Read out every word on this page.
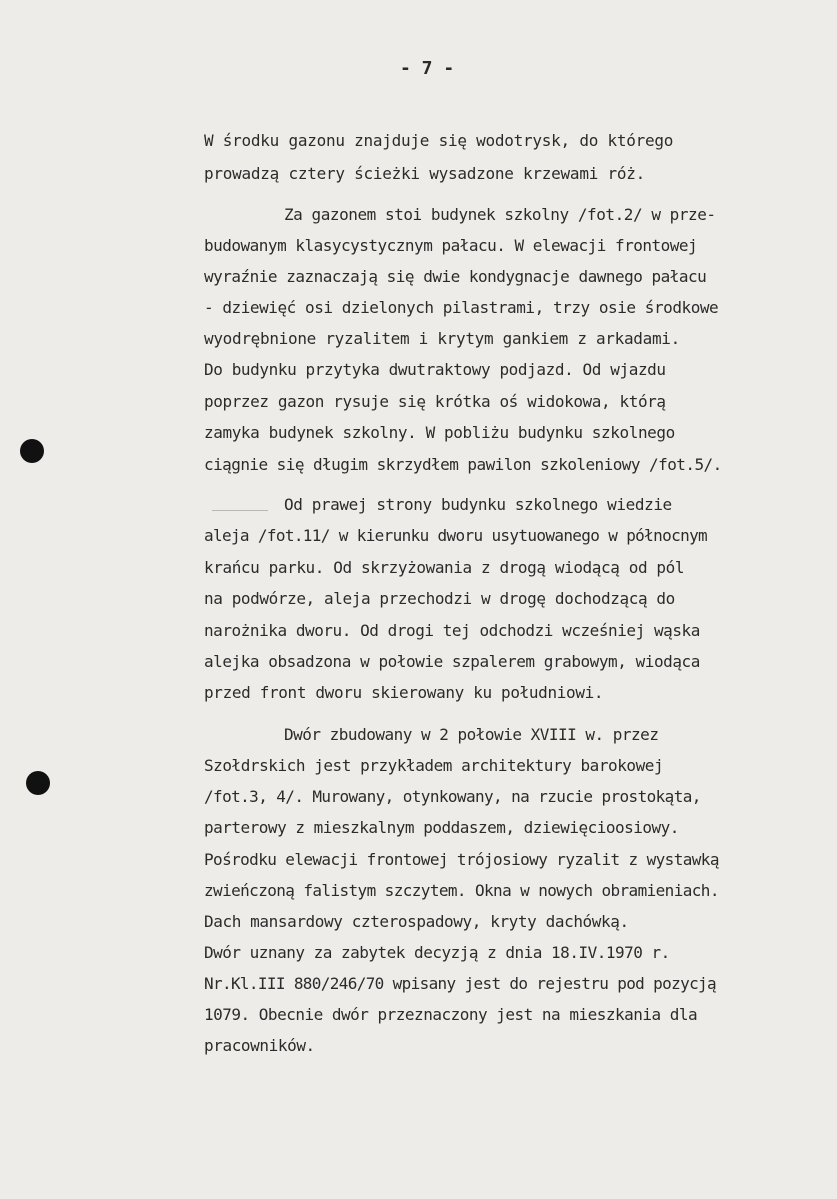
- 7 -
W środku gazonu znajduje się wodotrysk, do którego
prowadzą cztery ścieżki wysadzone krzewami róż.
Za gazonem stoi budynek szkolny /fot.2/ w prze-
budowanym klasycystycznym pałacu. W elewacji frontowej
wyraźnie zaznaczają się dwie kondygnacje dawnego pałacu
- dziewięć osi dzielonych pilastrami, trzy osie środkowe
wyodrębnione ryzalitem i krytym gankiem z arkadami.
Do budynku przytyka dwutraktowy podjazd. Od wjazdu
poprzez gazon rysuje się krótka oś widokowa, którą
zamyka budynek szkolny. W pobliżu budynku szkolnego
ciągnie się długim skrzydłem pawilon szkoleniowy /fot.5/.
Od prawej strony budynku szkolnego wiedzie
aleja /fot.11/ w kierunku dworu usytuowanego w północnym
krańcu parku. Od skrzyżowania z drogą wiodącą od pól
na podwórze, aleja przechodzi w drogę dochodzącą do
narożnika dworu. Od drogi tej odchodzi wcześniej wąska
alejka obsadzona w połowie szpalerem grabowym, wiodąca
przed front dworu skierowany ku południowi.
Dwór zbudowany w 2 połowie XVIII w. przez
Szołdrskich jest przykładem architektury barokowej
/fot.3, 4/. Murowany, otynkowany, na rzucie prostokąta,
parterowy z mieszkalnym poddaszem, dziewięcioosiowy.
Pośrodku elewacji frontowej trójosiowy ryzalit z wystawką
zwieńczoną falistym szczytem. Okna w nowych obramieniach.
Dach mansardowy czterospadowy, kryty dachówką.
Dwór uznany za zabytek decyzją z dnia 18.IV.1970 r.
Nr.Kl.III 880/246/70 wpisany jest do rejestru pod pozycją
1079. Obecnie dwór przeznaczony jest na mieszkania dla
pracowników.
